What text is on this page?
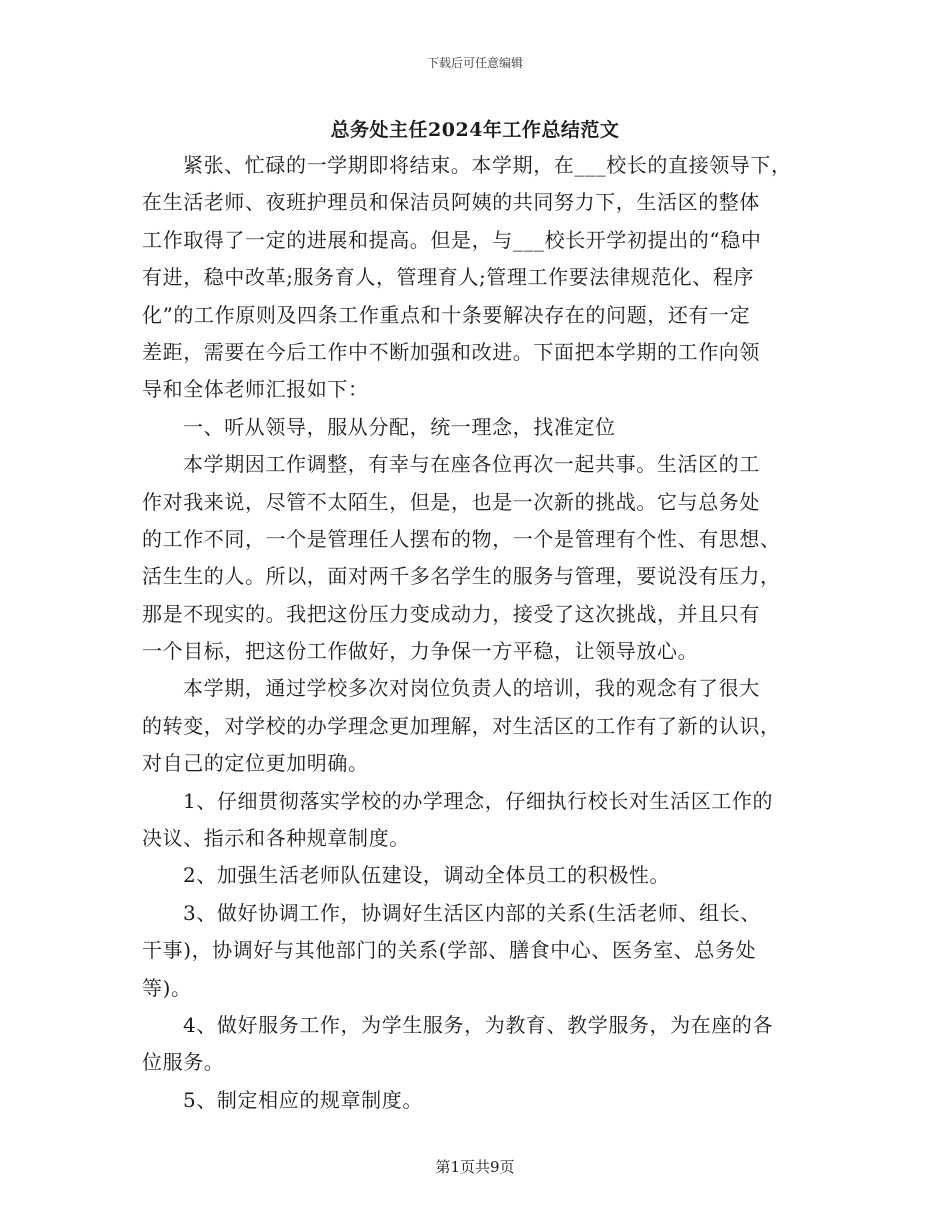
下载后可任意编辑
总务处主任2024年工作总结范文
紧张、忙碌的一学期即将结束。本学期，在___校长的直接领导下，
在生活老师、夜班护理员和保洁员阿姨的共同努力下，生活区的整体
工作取得了一定的进展和提高。但是，与___校长开学初提出的“稳中
有进，稳中改革;服务育人，管理育人;管理工作要法律规范化、程序
化”的工作原则及四条工作重点和十条要解决存在的问题，还有一定
差距，需要在今后工作中不断加强和改进。下面把本学期的工作向领
导和全体老师汇报如下：
一、听从领导，服从分配，统一理念，找准定位
本学期因工作调整，有幸与在座各位再次一起共事。生活区的工
作对我来说，尽管不太陌生，但是，也是一次新的挑战。它与总务处
的工作不同，一个是管理任人摆布的物，一个是管理有个性、有思想、
活生生的人。所以，面对两千多名学生的服务与管理，要说没有压力，
那是不现实的。我把这份压力变成动力，接受了这次挑战，并且只有
一个目标，把这份工作做好，力争保一方平稳，让领导放心。
本学期，通过学校多次对岗位负责人的培训，我的观念有了很大
的转变，对学校的办学理念更加理解，对生活区的工作有了新的认识，
对自己的定位更加明确。
1、仔细贯彻落实学校的办学理念，仔细执行校长对生活区工作的
决议、指示和各种规章制度。
2、加强生活老师队伍建设，调动全体员工的积极性。
3、做好协调工作，协调好生活区内部的关系(生活老师、组长、
干事)，协调好与其他部门的关系(学部、膳食中心、医务室、总务处
等)。
4、做好服务工作，为学生服务，为教育、教学服务，为在座的各
位服务。
5、制定相应的规章制度。
第1页共9页
